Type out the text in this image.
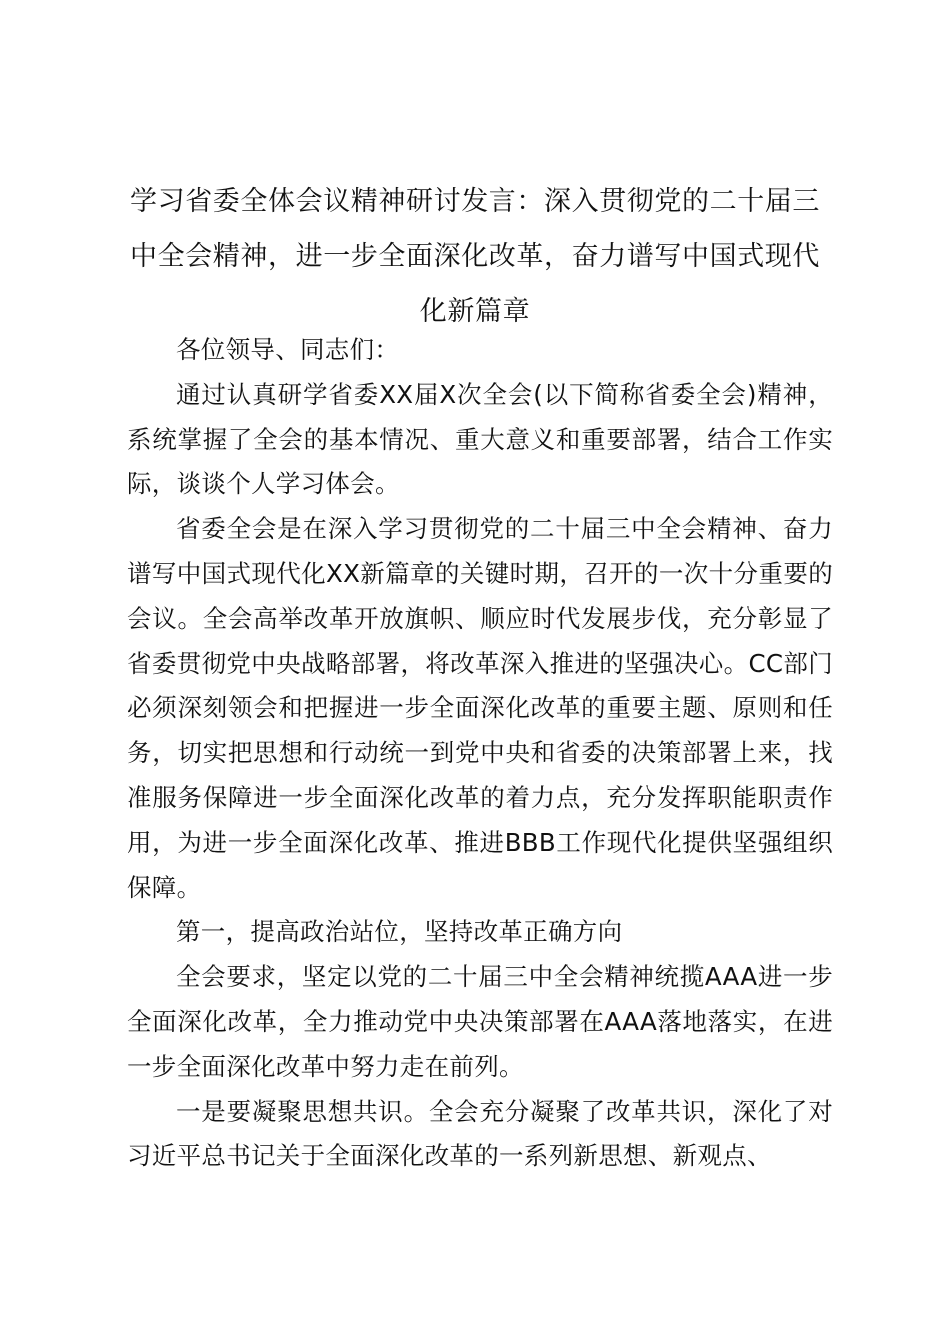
学习省委全体会议精神研讨发言：深入贯彻党的二十届三中全会精神，进一步全面深化改革，奋力谱写中国式现代化新篇章

各位领导、同志们：

通过认真研学省委XX届X次全会(以下简称省委全会)精神，系统掌握了全会的基本情况、重大意义和重要部署，结合工作实际，谈谈个人学习体会。

省委全会是在深入学习贯彻党的二十届三中全会精神、奋力谱写中国式现代化XX新篇章的关键时期，召开的一次十分重要的会议。全会高举改革开放旗帜、顺应时代发展步伐，充分彰显了省委贯彻党中央战略部署，将改革深入推进的坚强决心。CC部门必须深刻领会和把握进一步全面深化改革的重要主题、原则和任务，切实把思想和行动统一到党中央和省委的决策部署上来，找准服务保障进一步全面深化改革的着力点，充分发挥职能职责作用，为进一步全面深化改革、推进BBB工作现代化提供坚强组织保障。

第一，提高政治站位，坚持改革正确方向

全会要求，坚定以党的二十届三中全会精神统揽AAA进一步全面深化改革，全力推动党中央决策部署在AAA落地落实，在进一步全面深化改革中努力走在前列。

一是要凝聚思想共识。全会充分凝聚了改革共识，深化了对习近平总书记关于全面深化改革的一系列新思想、新观点、
